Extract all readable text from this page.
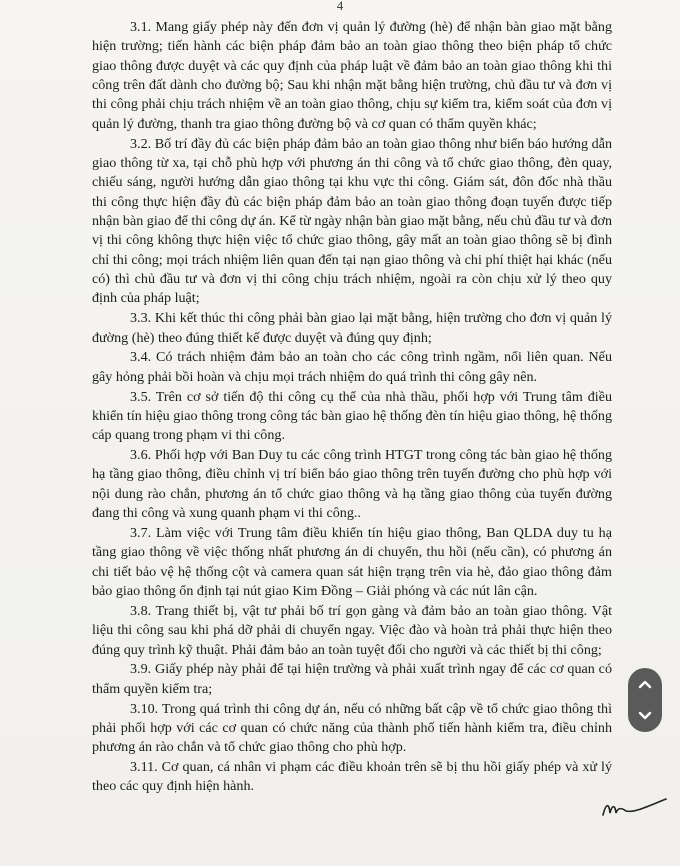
4

3.1. Mang giấy phép này đến đơn vị quản lý đường (hè) để nhận bàn giao mặt bằng hiện trường; tiến hành các biện pháp đảm bảo an toàn giao thông theo biện pháp tổ chức giao thông được duyệt và các quy định của pháp luật về đảm bảo an toàn giao thông khi thi công trên đất dành cho đường bộ; Sau khi nhận mặt bằng hiện trường, chủ đầu tư và đơn vị thi công phải chịu trách nhiệm về an toàn giao thông, chịu sự kiểm tra, kiểm soát của đơn vị quản lý đường, thanh tra giao thông đường bộ và cơ quan có thẩm quyền khác;

3.2. Bố trí đầy đủ các biện pháp đảm bảo an toàn giao thông như biển báo hướng dẫn giao thông từ xa, tại chỗ phù hợp với phương án thi công và tổ chức giao thông, đèn quay, chiếu sáng, người hướng dẫn giao thông tại khu vực thi công. Giám sát, đôn đốc nhà thầu thi công thực hiện đầy đủ các biện pháp đảm bảo an toàn giao thông đoạn tuyến được tiếp nhận bàn giao để thi công dự án. Kể từ ngày nhận bàn giao mặt bằng, nếu chủ đầu tư và đơn vị thi công không thực hiện việc tổ chức giao thông, gây mất an toàn giao thông sẽ bị đình chỉ thi công; mọi trách nhiệm liên quan đến tại nạn giao thông và chi phí thiệt hại khác (nếu có) thì chủ đầu tư và đơn vị thi công chịu trách nhiệm, ngoài ra còn chịu xử lý theo quy định của pháp luật;

3.3. Khi kết thúc thi công phải bàn giao lại mặt bằng, hiện trường cho đơn vị quản lý đường (hè) theo đúng thiết kế được duyệt và đúng quy định;

3.4. Có trách nhiệm đảm bảo an toàn cho các công trình ngầm, nổi liên quan. Nếu gây hỏng phải bồi hoàn và chịu mọi trách nhiệm do quá trình thi công gây nên.

3.5. Trên cơ sở tiến độ thi công cụ thể của nhà thầu, phối hợp với Trung tâm điều khiển tín hiệu giao thông trong công tác bàn giao hệ thống đèn tín hiệu giao thông, hệ thống cáp quang trong phạm vi thi công.

3.6. Phối hợp với Ban Duy tu các công trình HTGT trong công tác bàn giao hệ thống hạ tầng giao thông, điều chỉnh vị trí biển báo giao thông trên tuyến đường cho phù hợp với nội dung rào chắn, phương án tổ chức giao thông và hạ tầng giao thông của tuyến đường đang thi công và xung quanh phạm vi thi công..

3.7. Làm việc với Trung tâm điều khiển tín hiệu giao thông, Ban QLDA duy tu hạ tầng giao thông về việc thống nhất phương án di chuyển, thu hồi (nếu cần), có phương án chi tiết bảo vệ hệ thống cột và camera quan sát hiện trạng trên via hè, đảo giao thông đảm bảo giao thông ổn định tại nút giao Kim Đồng – Giải phóng và các nút lân cận.

3.8. Trang thiết bị, vật tư phải bố trí gọn gàng và đảm bảo an toàn giao thông. Vật liệu thi công sau khi phá dỡ phải di chuyển ngay. Việc đào và hoàn trả phải thực hiện theo đúng quy trình kỹ thuật. Phải đảm bảo an toàn tuyệt đối cho người và các thiết bị thi công;

3.9. Giấy phép này phải để tại hiện trường và phải xuất trình ngay để các cơ quan có thẩm quyền kiểm tra;

3.10. Trong quá trình thi công dự án, nếu có những bất cập về tổ chức giao thông thì phải phối hợp với các cơ quan có chức năng của thành phố tiến hành kiểm tra, điều chỉnh phương án rào chắn và tổ chức giao thông cho phù hợp.

3.11. Cơ quan, cá nhân vi phạm các điều khoản trên sẽ bị thu hồi giấy phép và xử lý theo các quy định hiện hành.
